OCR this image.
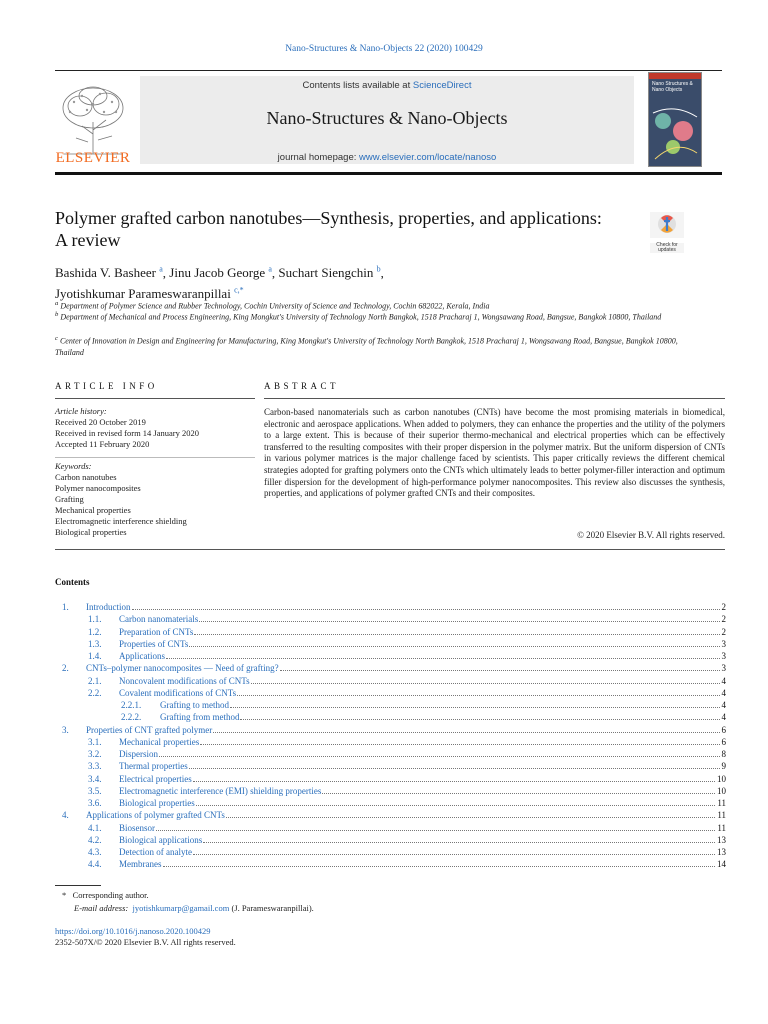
Nano-Structures & Nano-Objects 22 (2020) 100429
ELSEVIER
Contents lists available at ScienceDirect
Nano-Structures & Nano-Objects
journal homepage: www.elsevier.com/locate/nanoso
Nano Structures & Nano Objects
Polymer grafted carbon nanotubes—Synthesis, properties, and applications: A review	Check for updates
Bashida V. Basheer $^a$, Jinu Jacob George $^a$, Suchart Siengchin $^b$,
Jyotishkumar Parameswaranpillai $^{c,*}$
$^a$ Department of Polymer Science and Rubber Technology, Cochin University of Science and Technology, Cochin 682022, Kerala, India
$^b$ Department of Mechanical and Process Engineering, King Mongkut's University of Technology North Bangkok, 1518 Pracharaj 1, Wongsawang Road, Bangsue, Bangkok 10800, Thailand
$^c$ Center of Innovation in Design and Engineering for Manufacturing, King Mongkut's University of Technology North Bangkok, 1518 Pracharaj 1, Wongsawang Road, Bangsue, Bangkok 10800, Thailand
ARTICLE INFO
Article history:
Received 20 October 2019
Received in revised form 14 January 2020
Accepted 11 February 2020
Keywords:
Carbon nanotubes
Polymer nanocomposites
Grafting
Mechanical properties
Electromagnetic interference shielding
Biological properties
ABSTRACT
Carbon-based nanomaterials such as carbon nanotubes (CNTs) have become the most promising materials in biomedical, electronic and aerospace applications. When added to polymers, they can enhance the properties and the utility of the polymers to a large extent. This is because of their superior thermo-mechanical and electrical properties which can be effectively transferred to the resulting composites with their proper dispersion in the polymer matrix. But the uniform dispersion of CNTs in various polymer matrices is the major challenge faced by scientists. This paper critically reviews the different chemical strategies adopted for grafting polymers onto the CNTs which ultimately leads to better polymer-filler interaction and optimum filler dispersion for the development of high-performance polymer nanocomposites. This review also discusses the synthesis, properties, and applications of polymer grafted CNTs and their composites.
© 2020 Elsevier B.V. All rights reserved.
Contents
1.	Introduction	2
1.1.	Carbon nanomaterials	2
1.2.	Preparation of CNTs	2
1.3.	Properties of CNTs	3
1.4.	Applications	3
2.	CNTs–polymer nanocomposites — Need of grafting?	3
2.1.	Noncovalent modifications of CNTs	4
2.2.	Covalent modifications of CNTs	4
2.2.1.	Grafting to method	4
2.2.2.	Grafting from method	4
3.	Properties of CNT grafted polymer	6
3.1.	Mechanical properties	6
3.2.	Dispersion	8
3.3.	Thermal properties	9
3.4.	Electrical properties	10
3.5.	Electromagnetic interference (EMI) shielding properties	10
3.6.	Biological properties	11
4.	Applications of polymer grafted CNTs	11
4.1.	Biosensor	11
4.2.	Biological applications	13
4.3.	Detection of analyte	13
4.4.	Membranes	14
* Corresponding author.
E-mail address: jyotishkumarp@gamail.com (J. Parameswaranpillai).
https://doi.org/10.1016/j.nanoso.2020.100429
2352-507X/© 2020 Elsevier B.V. All rights reserved.
